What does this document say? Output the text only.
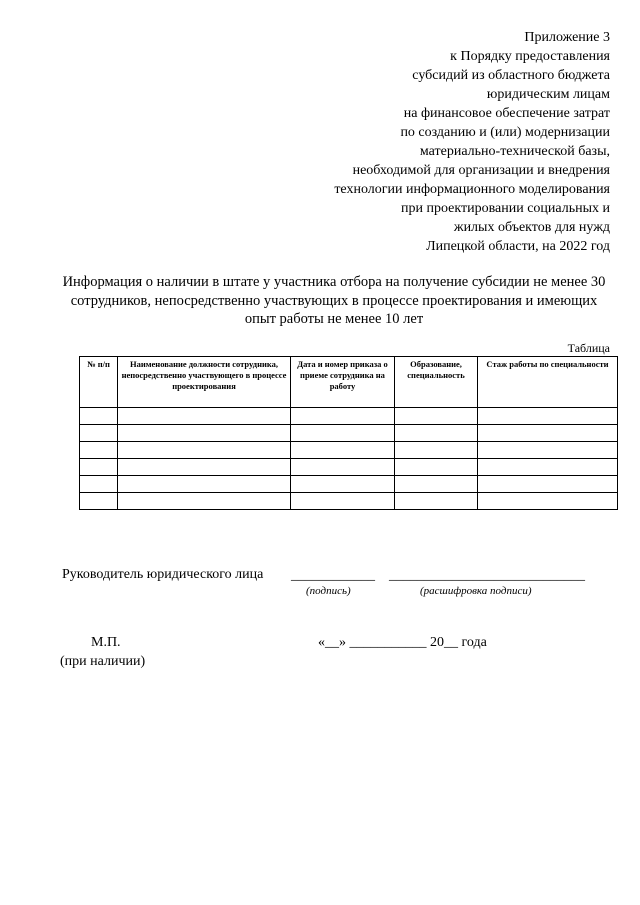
Приложение 3
к Порядку предоставления
субсидий из областного бюджета
юридическим лицам
на финансовое обеспечение затрат
по созданию и (или) модернизации
материально-технической базы,
необходимой для организации и внедрения
технологии информационного моделирования
при проектировании социальных и
жилых объектов для нужд
Липецкой области, на 2022 год
Информация о наличии в штате у участника отбора на получение субсидии не менее 30 сотрудников, непосредственно участвующих в процессе проектирования и имеющих опыт работы не менее 10 лет
Таблица
№ п/п	Наименование должности сотрудника, непосредственно участвующего в процессе проектирования	Дата и номер приказа о приеме сотрудника на работу	Образование, специальность	Стаж работы по специальности

Руководитель юридического лица ____________ ____________________________
(подпись)	(расшифровка подписи)
М.П.
(при наличии)
«__» ___________ 20__ года
